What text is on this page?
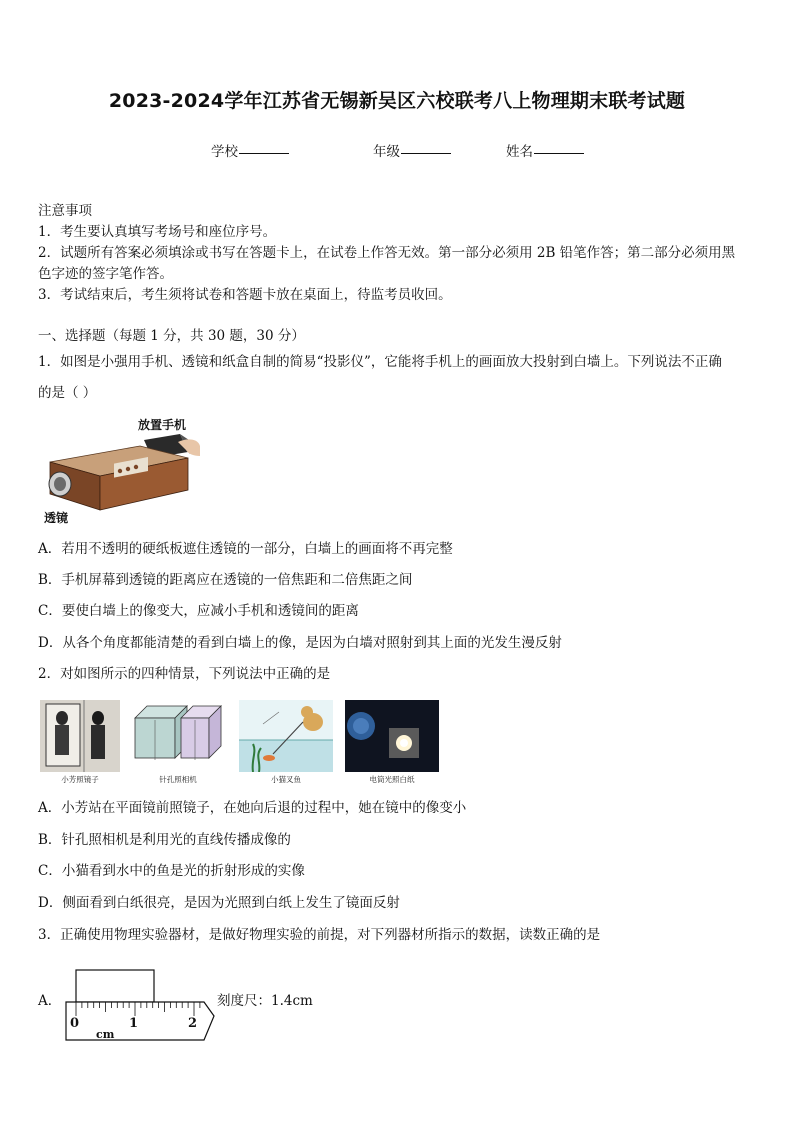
2023-2024学年江苏省无锡新吴区六校联考八上物理期末联考试题
学校	年级	姓名
注意事项
1．考生要认真填写考场号和座位序号。
2．试题所有答案必须填涂或书写在答题卡上，在试卷上作答无效。第一部分必须用 2B 铅笔作答；第二部分必须用黑
色字迹的签字笔作答。
3．考试结束后，考生须将试卷和答题卡放在桌面上，待监考员收回。
一、选择题（每题 1 分，共 30 题，30 分）
1．如图是小强用手机、透镜和纸盒自制的简易“投影仪”，它能将手机上的画面放大投射到白墙上。下列说法不正确
的是（ ）
放置手机
透镜
A．若用不透明的硬纸板遮住透镜的一部分，白墙上的画面将不再完整
B．手机屏幕到透镜的距离应在透镜的一倍焦距和二倍焦距之间
C．要使白墙上的像变大，应减小手机和透镜间的距离
D．从各个角度都能清楚的看到白墙上的像，是因为白墙对照射到其上面的光发生漫反射
2．对如图所示的四种情景，下列说法中正确的是
小芳照镜子	针孔照相机	小猫叉鱼	电筒光照白纸
A．小芳站在平面镜前照镜子，在她向后退的过程中，她在镜中的像变小
B．针孔照相机是利用光的直线传播成像的
C．小猫看到水中的鱼是光的折射形成的实像
D．侧面看到白纸很亮，是因为光照到白纸上发生了镜面反射
3．正确使用物理实验器材，是做好物理实验的前提，对下列器材所指示的数据，读数正确的是
A．
0	1	2
cm
刻度尺：1.4cm
